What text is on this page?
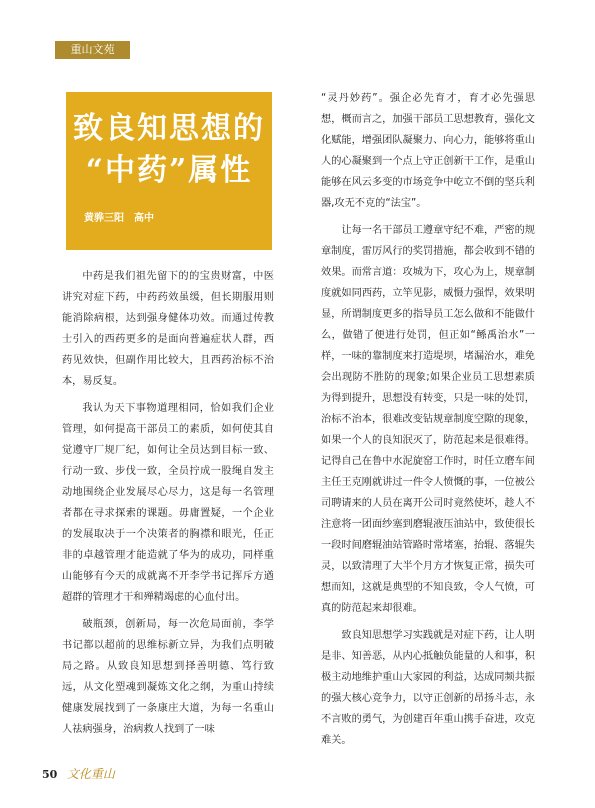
重山文苑
致良知思想的
“中药”属性
黄骅三阳　高中

中药是我们祖先留下的的宝贵财富，中医讲究对症下药，中药药效虽缓，但长期服用则能消除病根，达到强身健体功效。而通过传教士引入的西药更多的是面向普遍症状人群，西药见效快，但副作用比较大，且西药治标不治本，易反复。

我认为天下事物道理相同，恰如我们企业管理，如何提高干部员工的素质，如何使其自觉遵守厂规厂纪，如何让全员达到目标一致、行动一致、步伐一致，全员拧成一股绳自发主动地围绕企业发展尽心尽力，这是每一名管理者都在寻求探索的课题。毋庸置疑，一个企业的发展取决于一个决策者的胸襟和眼光，任正非的卓越管理才能造就了华为的成功，同样重山能够有今天的成就离不开李学书记挥斥方遒超群的管理才干和殚精竭虑的心血付出。

破瓶颈，创新局，每一次危局面前，李学书记都以超前的思维标新立异，为我们点明破局之路。从致良知思想到择善明德、笃行致远，从文化塑魂到凝炼文化之纲，为重山持续健康发展找到了一条康庄大道，为每一名重山人祛病强身，治病救人找到了一味

“灵丹妙药”。强企必先育才，育才必先强思想，概而言之，加强干部员工思想教育，强化文化赋能，增强团队凝聚力、向心力，能够将重山人的心凝聚到一个点上守正创新干工作，是重山能够在风云多变的市场竞争中屹立不倒的坚兵利器,攻无不克的“法宝”。

让每一名干部员工遵章守纪不难，严密的规章制度，雷厉风行的奖罚措施，都会收到不错的效果。而常言道：攻城为下，攻心为上，规章制度就如同西药，立竿见影，威慑力强悍，效果明显，所谓制度更多的指导员工怎么做和不能做什么，做错了便进行处罚，但正如“鲧禹治水”一样，一味的靠制度来打造堤坝，堵漏治水，难免会出现防不胜防的现象;如果企业员工思想素质为得到提升，思想没有转变，只是一味的处罚，治标不治本，很难改变钻规章制度空隙的现象，如果一个人的良知泯灭了，防范起来是很难得。记得自己在鲁中水泥旋窑工作时，时任立磨车间主任王克刚就讲过一件令人愤慨的事，一位被公司聘请来的人员在离开公司时竟然使坏，趁人不注意将一团面纱塞到磨辊液压油站中，致使很长一段时间磨辊油站管路时常堵塞，抬辊、落辊失灵，以致清理了大半个月方才恢复正常，损失可想而知，这就是典型的不知良致，令人气愤，可真的防范起来却很难。

致良知思想学习实践就是对症下药，让人明是非、知善恶，从内心抵触负能量的人和事，积极主动地维护重山大家园的利益，达成同频共振的强大核心竞争力，以守正创新的昂扬斗志，永不言败的勇气，为创建百年重山携手奋进，攻克难关。

50 文化重山
